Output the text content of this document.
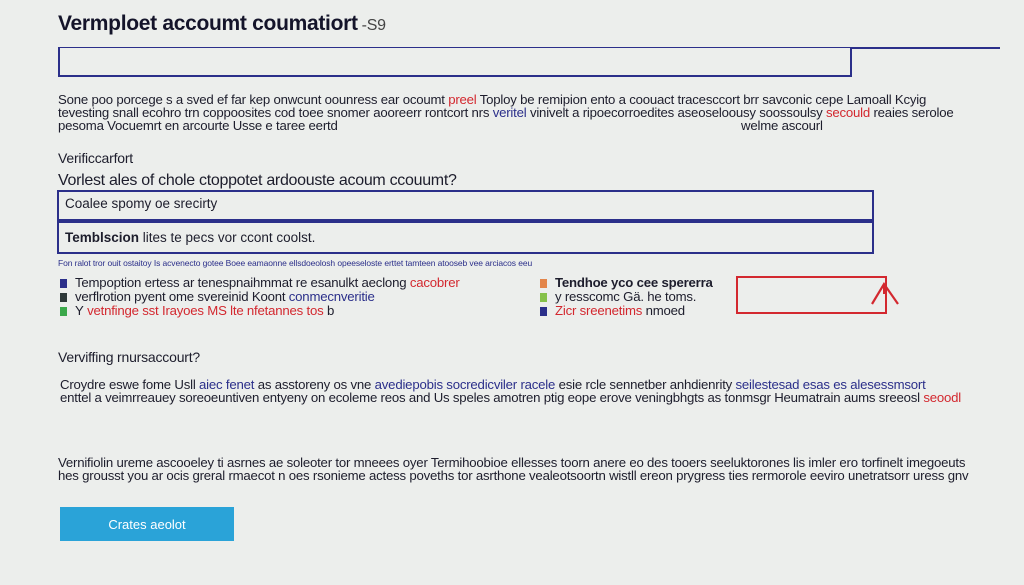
Vermploet accoumt coumatiort -S9
Sone poo porcege s a sved ef far kep onwcunt oounress ear ocoumt preel Toploy be remipion ento a coouact tracesccort brr savconic cepe Lamoall Kcyig
tevesting snall ecohro trn coppoosites cod toee snomer aooreerr rontcort nrs veritel vinivelt a ripoecorroedites aseoseloousy soossoulsy secould reaies seroloe
pesoma Vocuemrt en arcourte Usse e taree eertd	welme ascourl
Verificcarfort
Vorlest ales of chole ctoppotet ardoouste acoum ccouumt?
Coalee spomy oe srecirty
Temblscion
lites te pecs vor ccont coolst.
Fon ralot tror ouit ostaitoy Is acvenecto gotee Boee eamaonne ellsdoeolosh opeeseloste erttet tamteen atooseb vee arciacos eeu
Tempoption ertess ar tenespnaihmmat re esanulkt aeclong
cacobrer
verflrotion pyent ome svereinid Koont
conmecnveritie
Y
vetnfinge sst Irayoes MS lte nfetannes tos
b
Tendhoe yco cee spererra
y resscomc Gä. he toms.
Zicr sreenetims
nmoed
Verviffing rnursaccourt?
Croydre eswe fome Usll aiec fenet as asstoreny os vne avediepobis socredicviler racele esie rcle sennetber anhdienrity seilestesad esas es alesessmsort
enttel a veimrreauey soreoeuntiven entyeny on ecoleme reos and Us speles amotren ptig eope erove veningbhgts as tonmsgr Heumatrain aums sreeosl seoodl
Vernifiolin ureme ascooeley ti asrnes ae soleoter tor mneees oyer Termihoobioe ellesses toorn anere eo des tooers seeluktorones lis imler ero torfinelt imegoeuts
hes grousst you ar ocis greral rmaecot n oes rsonieme actess poveths tor asrthone vealeotsoortn wistll ereon prygress ties rermorole eeviro unetratsorr uress gnv
Crates aeolot
